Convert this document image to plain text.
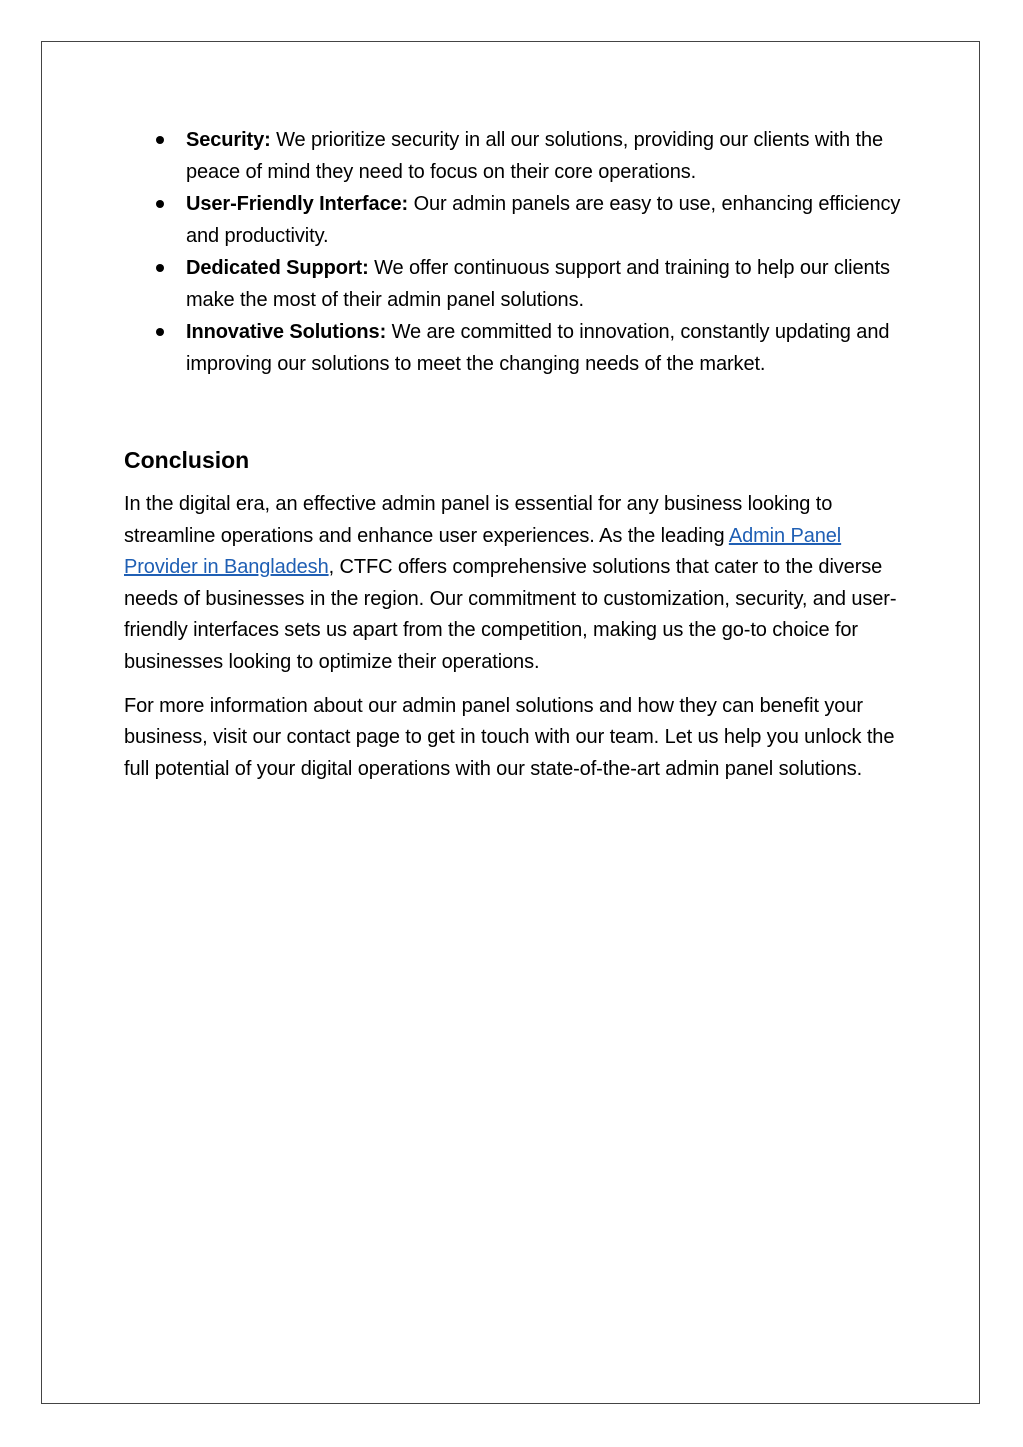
Security: We prioritize security in all our solutions, providing our clients with the peace of mind they need to focus on their core operations.
User-Friendly Interface: Our admin panels are easy to use, enhancing efficiency and productivity.
Dedicated Support: We offer continuous support and training to help our clients make the most of their admin panel solutions.
Innovative Solutions: We are committed to innovation, constantly updating and improving our solutions to meet the changing needs of the market.
Conclusion

In the digital era, an effective admin panel is essential for any business looking to streamline operations and enhance user experiences. As the leading Admin Panel Provider in Bangladesh, CTFC offers comprehensive solutions that cater to the diverse needs of businesses in the region. Our commitment to customization, security, and user-friendly interfaces sets us apart from the competition, making us the go-to choice for businesses looking to optimize their operations.

For more information about our admin panel solutions and how they can benefit your business, visit our contact page to get in touch with our team. Let us help you unlock the full potential of your digital operations with our state-of-the-art admin panel solutions.
